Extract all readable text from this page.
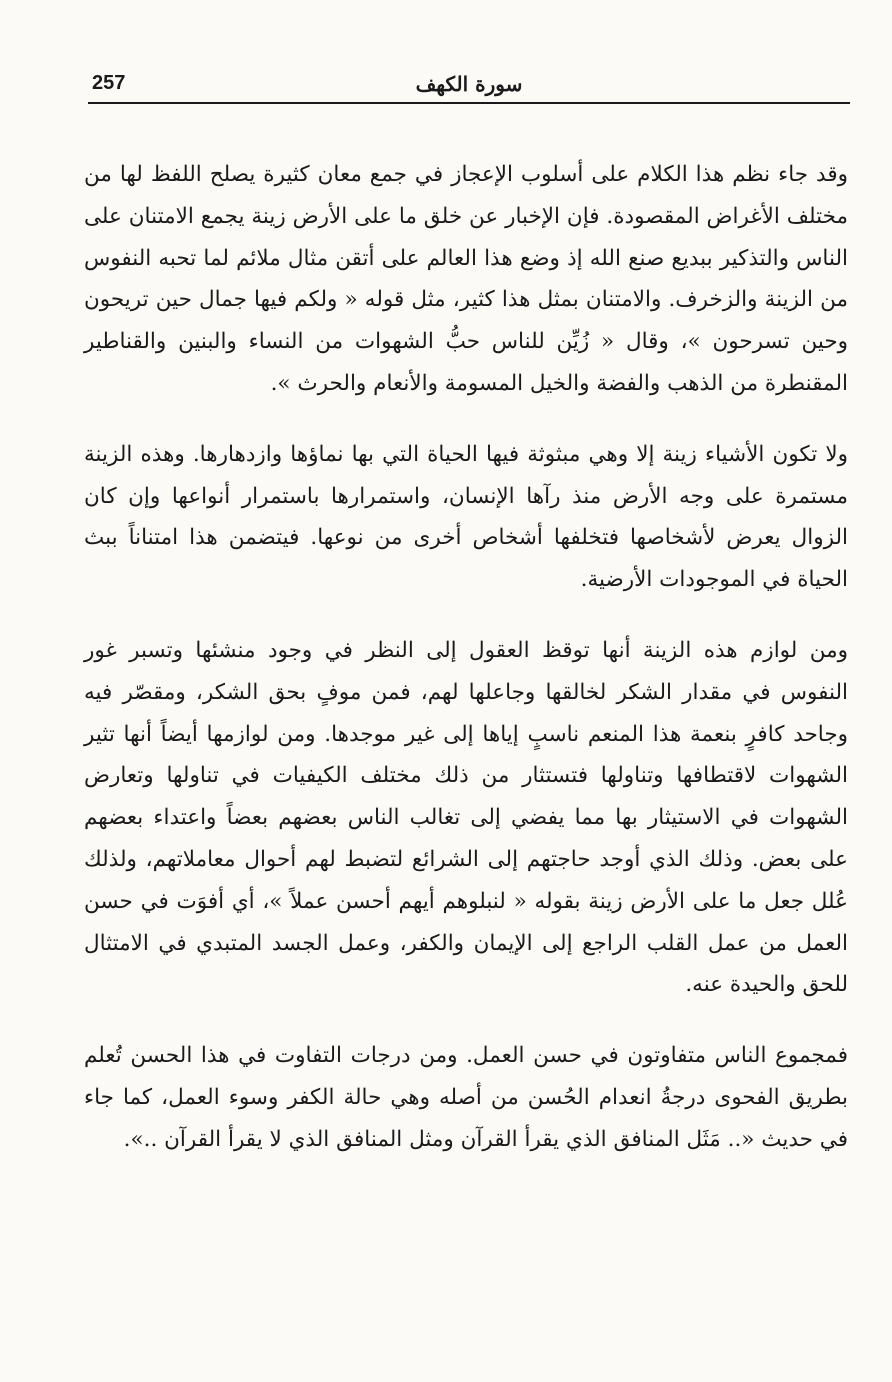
257	سورة الكهف

وقد جاء نظم هذا الكلام على أسلوب الإعجاز في جمع معان كثيرة يصلح اللفظ لها من مختلف الأغراض المقصودة. فإن الإخبار عن خلق ما على الأرض زينة يجمع الامتنان على الناس والتذكير ببديع صنع الله إذ وضع هذا العالم على أتقن مثال ملائم لما تحبه النفوس من الزينة والزخرف. والامتنان بمثل هذا كثير، مثل قوله « ولكم فيها جمال حين تريحون وحين تسرحون »، وقال « زُيِّن للناس حبُّ الشهوات من النساء والبنين والقناطير المقنطرة من الذهب والفضة والخيل المسومة والأنعام والحرث ».

ولا تكون الأشياء زينة إلا وهي مبثوثة فيها الحياة التي بها نماؤها وازدهارها. وهذه الزينة مستمرة على وجه الأرض منذ رآها الإنسان، واستمرارها باستمرار أنواعها وإن كان الزوال يعرض لأشخاصها فتخلفها أشخاص أخرى من نوعها. فيتضمن هذا امتناناً ببث الحياة في الموجودات الأرضية.

ومن لوازم هذه الزينة أنها توقظ العقول إلى النظر في وجود منشئها وتسبر غور النفوس في مقدار الشكر لخالقها وجاعلها لهم، فمن موفٍ بحق الشكر، ومقصّر فيه وجاحد كافرٍ بنعمة هذا المنعم ناسبٍ إياها إلى غير موجدها. ومن لوازمها أيضاً أنها تثير الشهوات لاقتطافها وتناولها فتستثار من ذلك مختلف الكيفيات في تناولها وتعارض الشهوات في الاستيثار بها مما يفضي إلى تغالب الناس بعضهم بعضاً واعتداء بعضهم على بعض. وذلك الذي أوجد حاجتهم إلى الشرائع لتضبط لهم أحوال معاملاتهم، ولذلك عُلل جعل ما على الأرض زينة بقوله « لنبلوهم أيهم أحسن عملاً »، أي أفوَت في حسن العمل من عمل القلب الراجع إلى الإيمان والكفر، وعمل الجسد المتبدي في الامتثال للحق والحيدة عنه.

فمجموع الناس متفاوتون في حسن العمل. ومن درجات التفاوت في هذا الحسن تُعلم بطريق الفحوى درجةُ انعدام الحُسن من أصله وهي حالة الكفر وسوء العمل، كما جاء في حديث «.. مَثَل المنافق الذي يقرأ القرآن ومثل المنافق الذي لا يقرأ القرآن ..».
